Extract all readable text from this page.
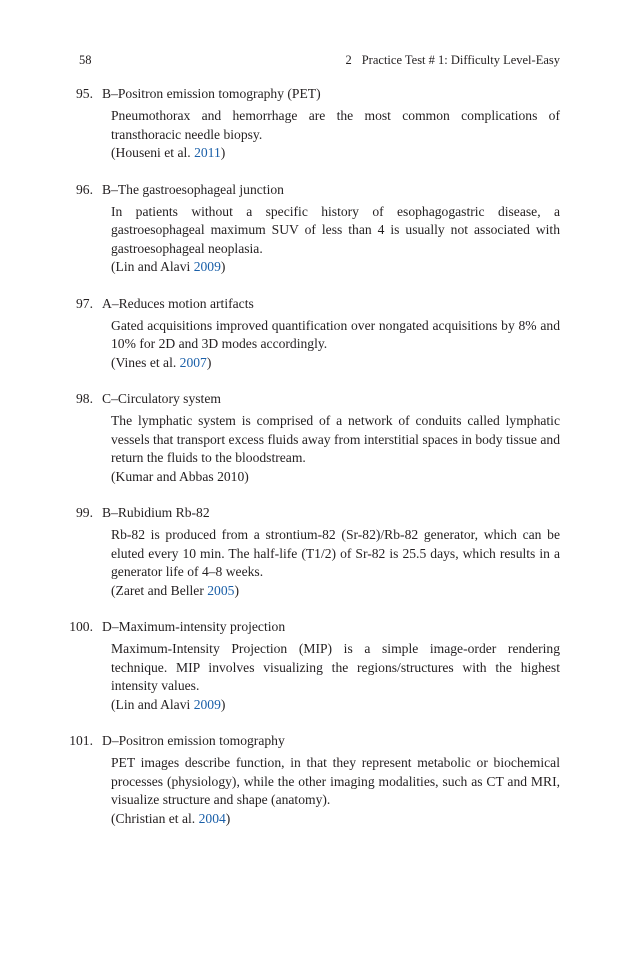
58	2 Practice Test # 1: Difficulty Level-Easy
95. B–Positron emission tomography (PET)

Pneumothorax and hemorrhage are the most common complications of transthoracic needle biopsy.

(Houseni et al. 2011)

96. B–The gastroesophageal junction

In patients without a specific history of esophagogastric disease, a gastroesophageal maximum SUV of less than 4 is usually not associated with gastroesophageal neoplasia.

(Lin and Alavi 2009)

97. A–Reduces motion artifacts

Gated acquisitions improved quantification over nongated acquisitions by 8% and 10% for 2D and 3D modes accordingly.

(Vines et al. 2007)

98. C–Circulatory system

The lymphatic system is comprised of a network of conduits called lymphatic vessels that transport excess fluids away from interstitial spaces in body tissue and return the fluids to the bloodstream.

(Kumar and Abbas 2010)

99. B–Rubidium Rb-82

Rb-82 is produced from a strontium-82 (Sr-82)/Rb-82 generator, which can be eluted every 10 min. The half-life (T1/2) of Sr-82 is 25.5 days, which results in a generator life of 4–8 weeks.

(Zaret and Beller 2005)

100. D–Maximum-intensity projection

Maximum-Intensity Projection (MIP) is a simple image-order rendering technique. MIP involves visualizing the regions/structures with the highest intensity values.

(Lin and Alavi 2009)

101. D–Positron emission tomography

PET images describe function, in that they represent metabolic or biochemical processes (physiology), while the other imaging modalities, such as CT and MRI, visualize structure and shape (anatomy).

(Christian et al. 2004)
